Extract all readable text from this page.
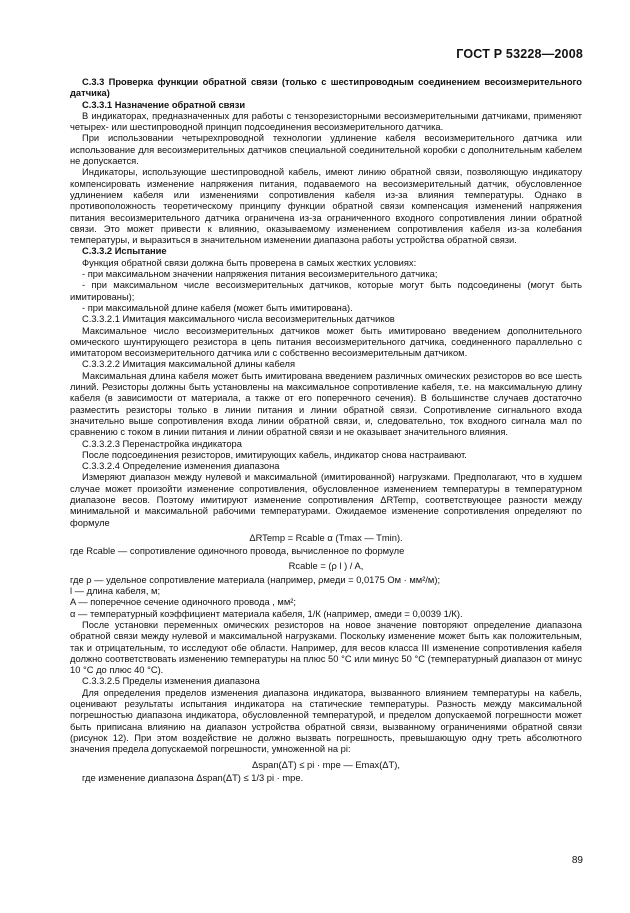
ГОСТ Р 53228—2008

С.3.3 Проверка функции обратной связи (только с шестипроводным соединением весоизмерительного датчика)

С.3.3.1 Назначение обратной связи

В индикаторах, предназначенных для работы с тензорезисторными весоизмерительными датчиками, применяют четырех- или шестипроводной принцип подсоединения весоизмерительного датчика.

При использовании четырехпроводной технологии удлинение кабеля весоизмерительного датчика или использование для весоизмерительных датчиков специальной соединительной коробки с дополнительным кабелем не допускается.

Индикаторы, использующие шестипроводной кабель, имеют линию обратной связи, позволяющую индикатору компенсировать изменение напряжения питания, подаваемого на весоизмерительный датчик, обусловленное удлинением кабеля или изменениями сопротивления кабеля из-за влияния температуры. Однако в противоположность теоретическому принципу функции обратной связи компенсация изменений напряжения питания весоизмерительного датчика ограничена из-за ограниченного входного сопротивления линии обратной связи. Это может привести к влиянию, оказываемому изменением сопротивления кабеля из-за колебания температуры, и выразиться в значительном изменении диапазона работы устройства обратной связи.

С.3.3.2 Испытание

Функция обратной связи должна быть проверена в самых жестких условиях:

- при максимальном значении напряжения питания весоизмерительного датчика;

- при максимальном числе весоизмерительных датчиков, которые могут быть подсоединены (могут быть имитированы);

- при максимальной длине кабеля (может быть имитирована).

С.3.3.2.1 Имитация максимального числа весоизмерительных датчиков

Максимальное число весоизмерительных датчиков может быть имитировано введением дополнительного омического шунтирующего резистора в цепь питания весоизмерительного датчика, соединенного параллельно с имитатором весоизмерительного датчика или с собственно весоизмерительным датчиком.

С.3.3.2.2 Имитация максимальной длины кабеля

Максимальная длина кабеля может быть имитирована введением различных омических резисторов во все шесть линий. Резисторы должны быть установлены на максимальное сопротивление кабеля, т.е. на максимальную длину кабеля (в зависимости от материала, а также от его поперечного сечения). В большинстве случаев достаточно разместить резисторы только в линии питания и линии обратной связи. Сопротивление сигнального входа значительно выше сопротивления входа линии обратной связи, и, следовательно, ток входного сигнала мал по сравнению с током в линии питания и линии обратной связи и не оказывает значительного влияния.

С.3.3.2.3 Перенастройка индикатора

После подсоединения резисторов, имитирующих кабель, индикатор снова настраивают.

С.3.3.2.4 Определение изменения диапазона

Измеряют диапазон между нулевой и максимальной (имитированной) нагрузками. Предполагают, что в худшем случае может произойти изменение сопротивления, обусловленное изменением температуры в температурном диапазоне весов. Поэтому имитируют изменение сопротивления ΔRTemp, соответствующее разности между минимальной и максимальной рабочими температурами. Ожидаемое изменение сопротивления определяют по формуле

ΔRTemp = Rcable α (Tmax — Tmin).

где Rcable — сопротивление одиночного провода, вычисленное по формуле

Rcable = (ρ l ) / A,

где ρ — удельное сопротивление материала (например, ρмеди = 0,0175 Ом · мм²/м);

l — длина кабеля, м;

A — поперечное сечение одиночного провода , мм²;

α — температурный коэффициент материала кабеля, 1/К (например, αмеди = 0,0039 1/К).

После установки переменных омических резисторов на новое значение повторяют определение диапазона обратной связи между нулевой и максимальной нагрузками. Поскольку изменение может быть как положительным, так и отрицательным, то исследуют обе области. Например, для весов класса III изменение сопротивления кабеля должно соответствовать изменению температуры на плюс 50 °С или минус 50 °С (температурный диапазон от минус 10 °С до плюс 40 °С).

С.3.3.2.5 Пределы изменения диапазона

Для определения пределов изменения диапазона индикатора, вызванного влиянием температуры на кабель, оценивают результаты испытания индикатора на статические температуры. Разность между максимальной погрешностью диапазона индикатора, обусловленной температурой, и пределом допускаемой погрешности может быть приписана влиянию на диапазон устройства обратной связи, вызванному ограничениями обратной связи (рисунок 12). При этом воздействие не должно вызвать погрешность, превышающую одну треть абсолютного значения предела допускаемой погрешности, умноженной на pi:

Δspan(ΔT) ≤ pi · mpe — Emax(ΔT),

где изменение диапазона Δspan(ΔT) ≤ 1/3 pi · mpe.

89
